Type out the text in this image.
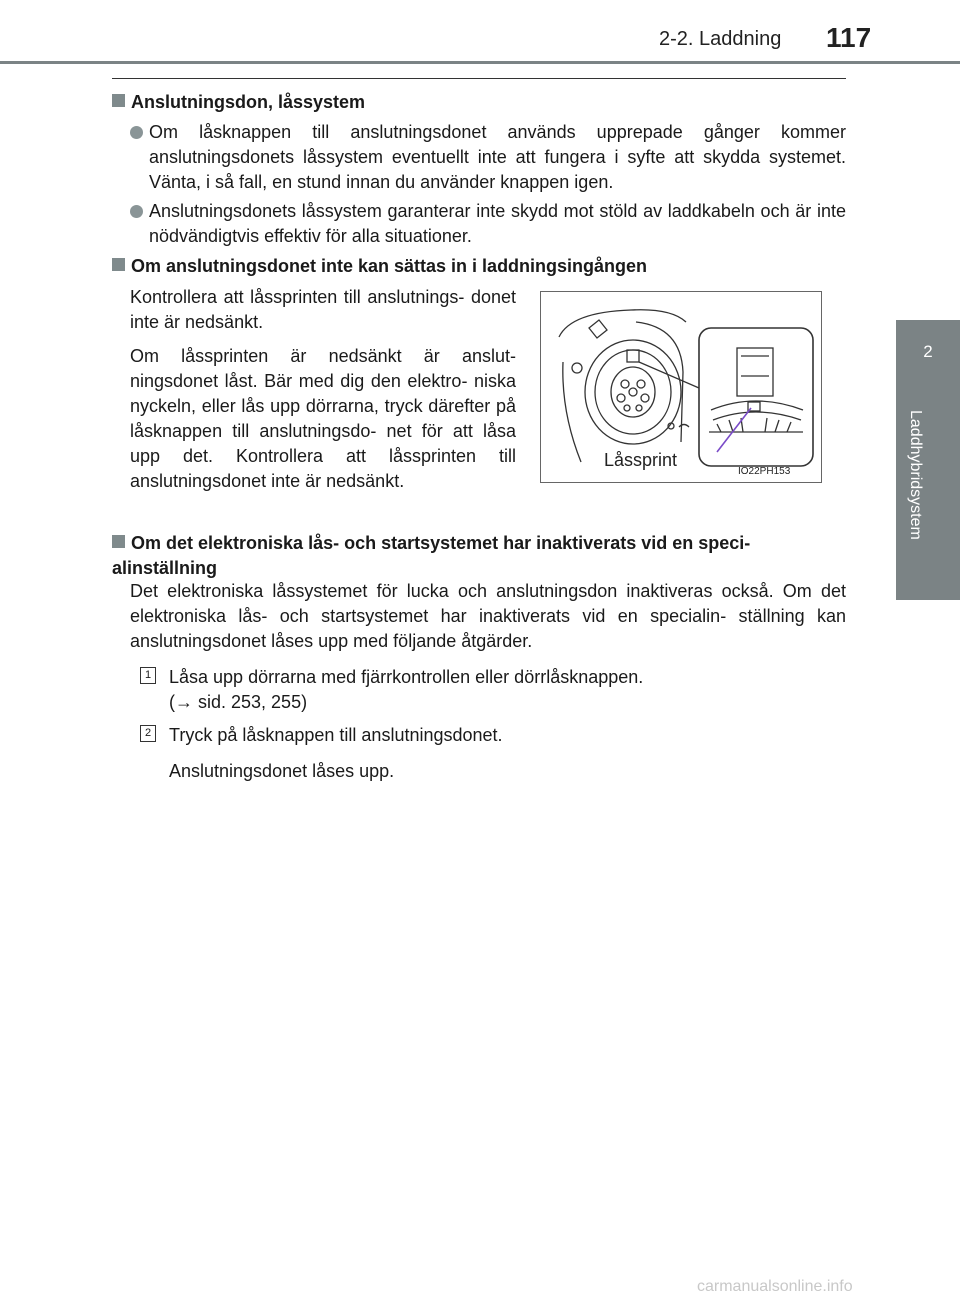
2-2. Laddning 117
2
Laddhybridsystem
Anslutningsdon, låssystem
Om låsknappen till anslutningsdonet används upprepade gånger kommer anslutningsdonets låssystem eventuellt inte att fungera i syfte att skydda systemet. Vänta, i så fall, en stund innan du använder knappen igen.
Anslutningsdonets låssystem garanterar inte skydd mot stöld av laddkabeln och är inte nödvändigtvis effektiv för alla situationer.
Om anslutningsdonet inte kan sättas in i laddningsingången
Kontrollera att låssprinten till anslutnings- donet inte är nedsänkt.
Om låssprinten är nedsänkt är anslut- ningsdonet låst. Bär med dig den elektro- niska nyckeln, eller lås upp dörrarna, tryck därefter på låsknappen till anslutningsdo- net för att låsa upp det. Kontrollera att låssprinten till anslutningsdonet inte är nedsänkt.
Låssprint
IO22PH153
Om det elektroniska lås- och startsystemet har inaktiverats vid en speci- alinställning
Det elektroniska låssystemet för lucka och anslutningsdon inaktiveras också. Om det elektroniska lås- och startsystemet har inaktiverats vid en specialin- ställning kan anslutningsdonet låses upp med följande åtgärder.
1 Låsa upp dörrarna med fjärrkontrollen eller dörrlåsknappen.
(→ sid. 253, 255)
2 Tryck på låsknappen till anslutningsdonet.
Anslutningsdonet låses upp.
carmanualsonline.info
